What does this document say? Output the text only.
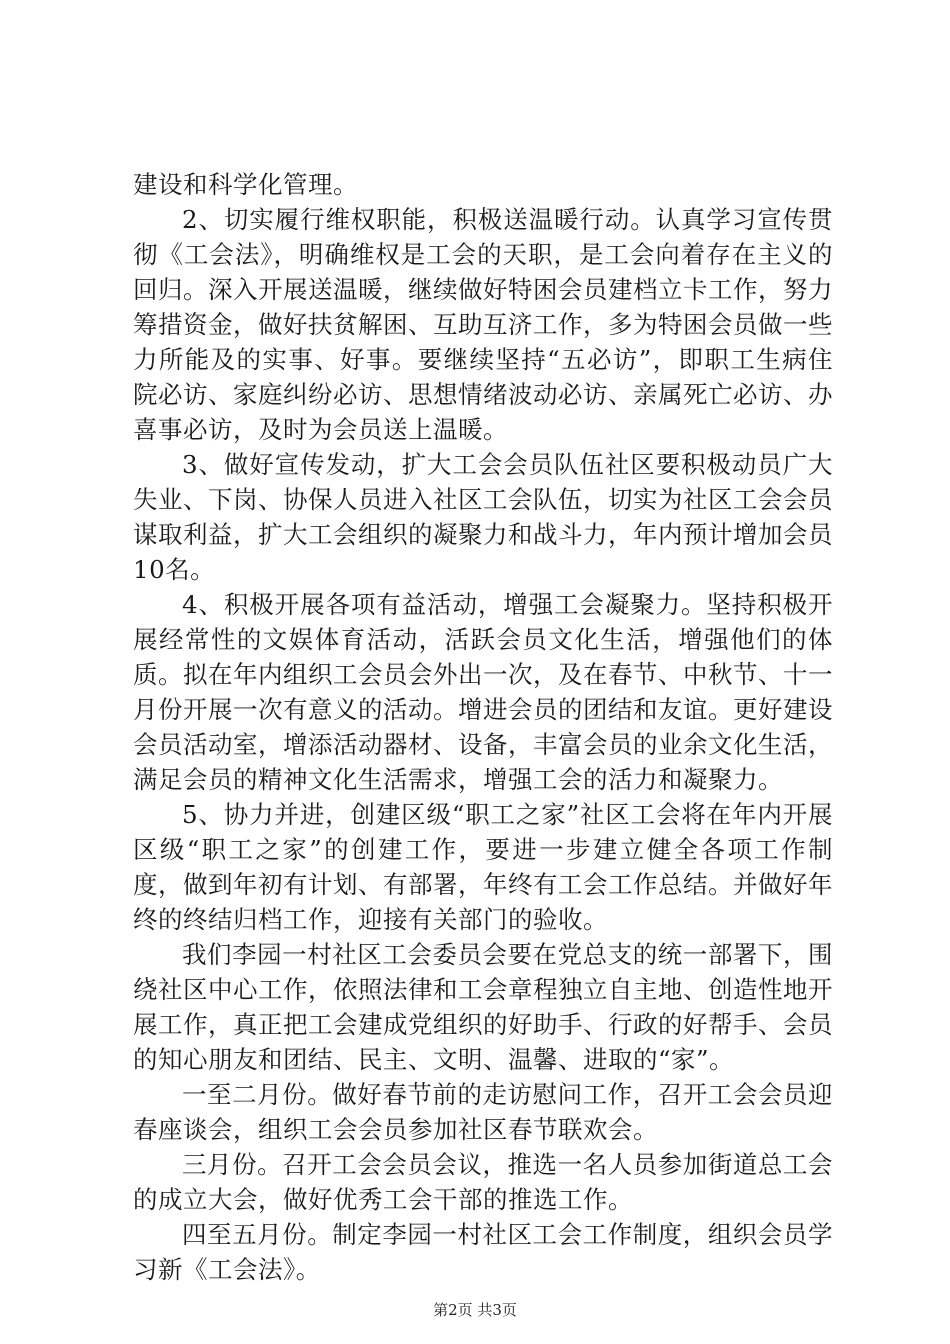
建设和科学化管理。

2、切实履行维权职能，积极送温暖行动。认真学习宣传贯彻《工会法》，明确维权是工会的天职，是工会向着存在主义的回归。深入开展送温暖，继续做好特困会员建档立卡工作，努力筹措资金，做好扶贫解困、互助互济工作，多为特困会员做一些力所能及的实事、好事。要继续坚持“五必访”，即职工生病住院必访、家庭纠纷必访、思想情绪波动必访、亲属死亡必访、办喜事必访，及时为会员送上温暖。

3、做好宣传发动，扩大工会会员队伍社区要积极动员广大失业、下岗、协保人员进入社区工会队伍，切实为社区工会会员谋取利益，扩大工会组织的凝聚力和战斗力，年内预计增加会员10名。

4、积极开展各项有益活动，增强工会凝聚力。坚持积极开展经常性的文娱体育活动，活跃会员文化生活，增强他们的体质。拟在年内组织工会员会外出一次，及在春节、中秋节、十一月份开展一次有意义的活动。增进会员的团结和友谊。更好建设会员活动室，增添活动器材、设备，丰富会员的业余文化生活，满足会员的精神文化生活需求，增强工会的活力和凝聚力。

5、协力并进，创建区级“职工之家”社区工会将在年内开展区级“职工之家”的创建工作，要进一步建立健全各项工作制度，做到年初有计划、有部署，年终有工会工作总结。并做好年终的终结归档工作，迎接有关部门的验收。

我们李园一村社区工会委员会要在党总支的统一部署下，围绕社区中心工作，依照法律和工会章程独立自主地、创造性地开展工作，真正把工会建成党组织的好助手、行政的好帮手、会员的知心朋友和团结、民主、文明、温馨、进取的“家”。

一至二月份。做好春节前的走访慰问工作，召开工会会员迎春座谈会，组织工会会员参加社区春节联欢会。

三月份。召开工会会员会议，推选一名人员参加街道总工会的成立大会，做好优秀工会干部的推选工作。

四至五月份。制定李园一村社区工会工作制度，组织会员学习新《工会法》。

第2页 共3页
